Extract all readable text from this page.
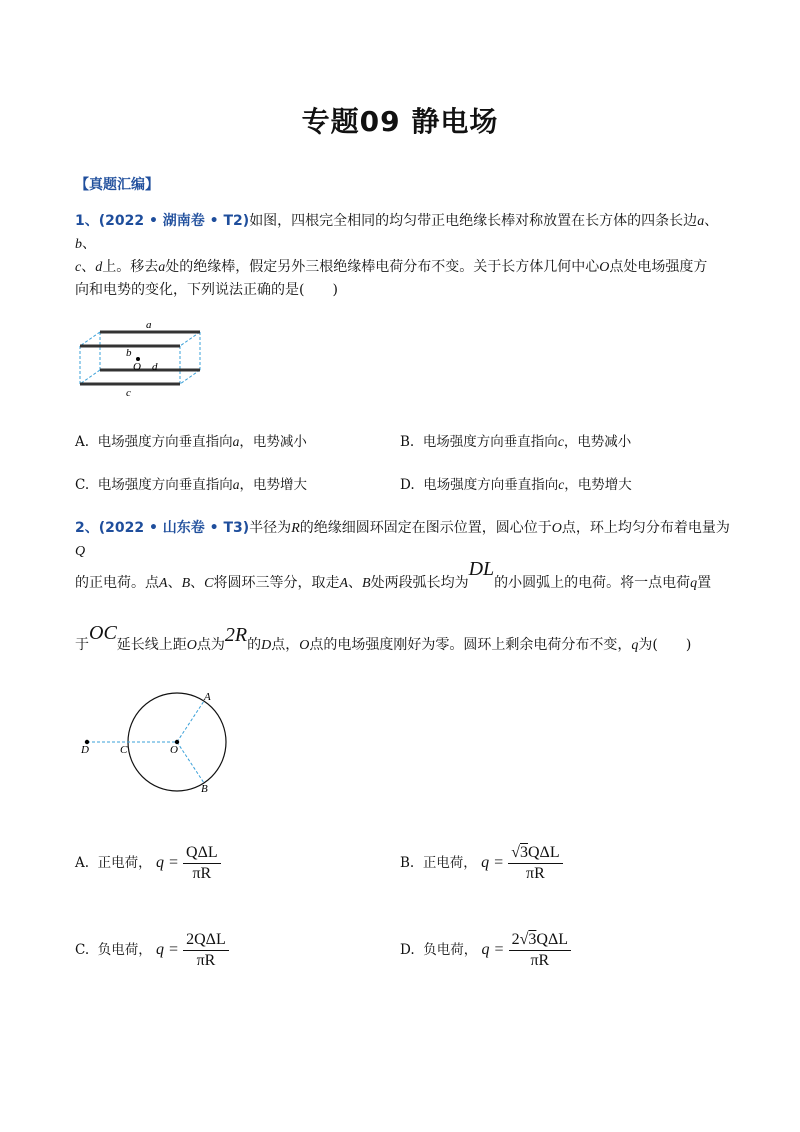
专题09 静电场
【真题汇编】
1、(2022 • 湖南卷 • T2)如图，四根完全相同的均匀带正电绝缘长棒对称放置在长方体的四条长边a、b、
c、d上。移去a处的绝缘棒，假定另外三根绝缘棒电荷分布不变。关于长方体几何中心O点处电场强度方
向和电势的变化，下列说法正确的是(　　)
a
b
O d
c
A. 电场强度方向垂直指向a，电势减小	B. 电场强度方向垂直指向c，电势减小
C. 电场强度方向垂直指向a，电势增大	D. 电场强度方向垂直指向c，电势增大
2、(2022 • 山东卷 • T3)半径为R的绝缘细圆环固定在图示位置，圆心位于O点，环上均匀分布着电量为Q
的正电荷。点A、B、C将圆环三等分，取走A、B处两段弧长均为DL的小圆弧上的电荷。将一点电荷q置
于OC延长线上距O点为2R的D点，O点的电场强度刚好为零。圆环上剩余电荷分布不变，q为(　　)
A
B
C
D	O
A. 正电荷， $q = \frac{\text{QΔL}}{\pi R}$	B. 正电荷， $q = \frac{\text{√3QΔL}}{\pi R}$
C. 负电荷， $q = \frac{\text{2QΔL}}{\pi R}$	D. 负电荷， $q = \frac{\text{2√3QΔL}}{\pi R}$
